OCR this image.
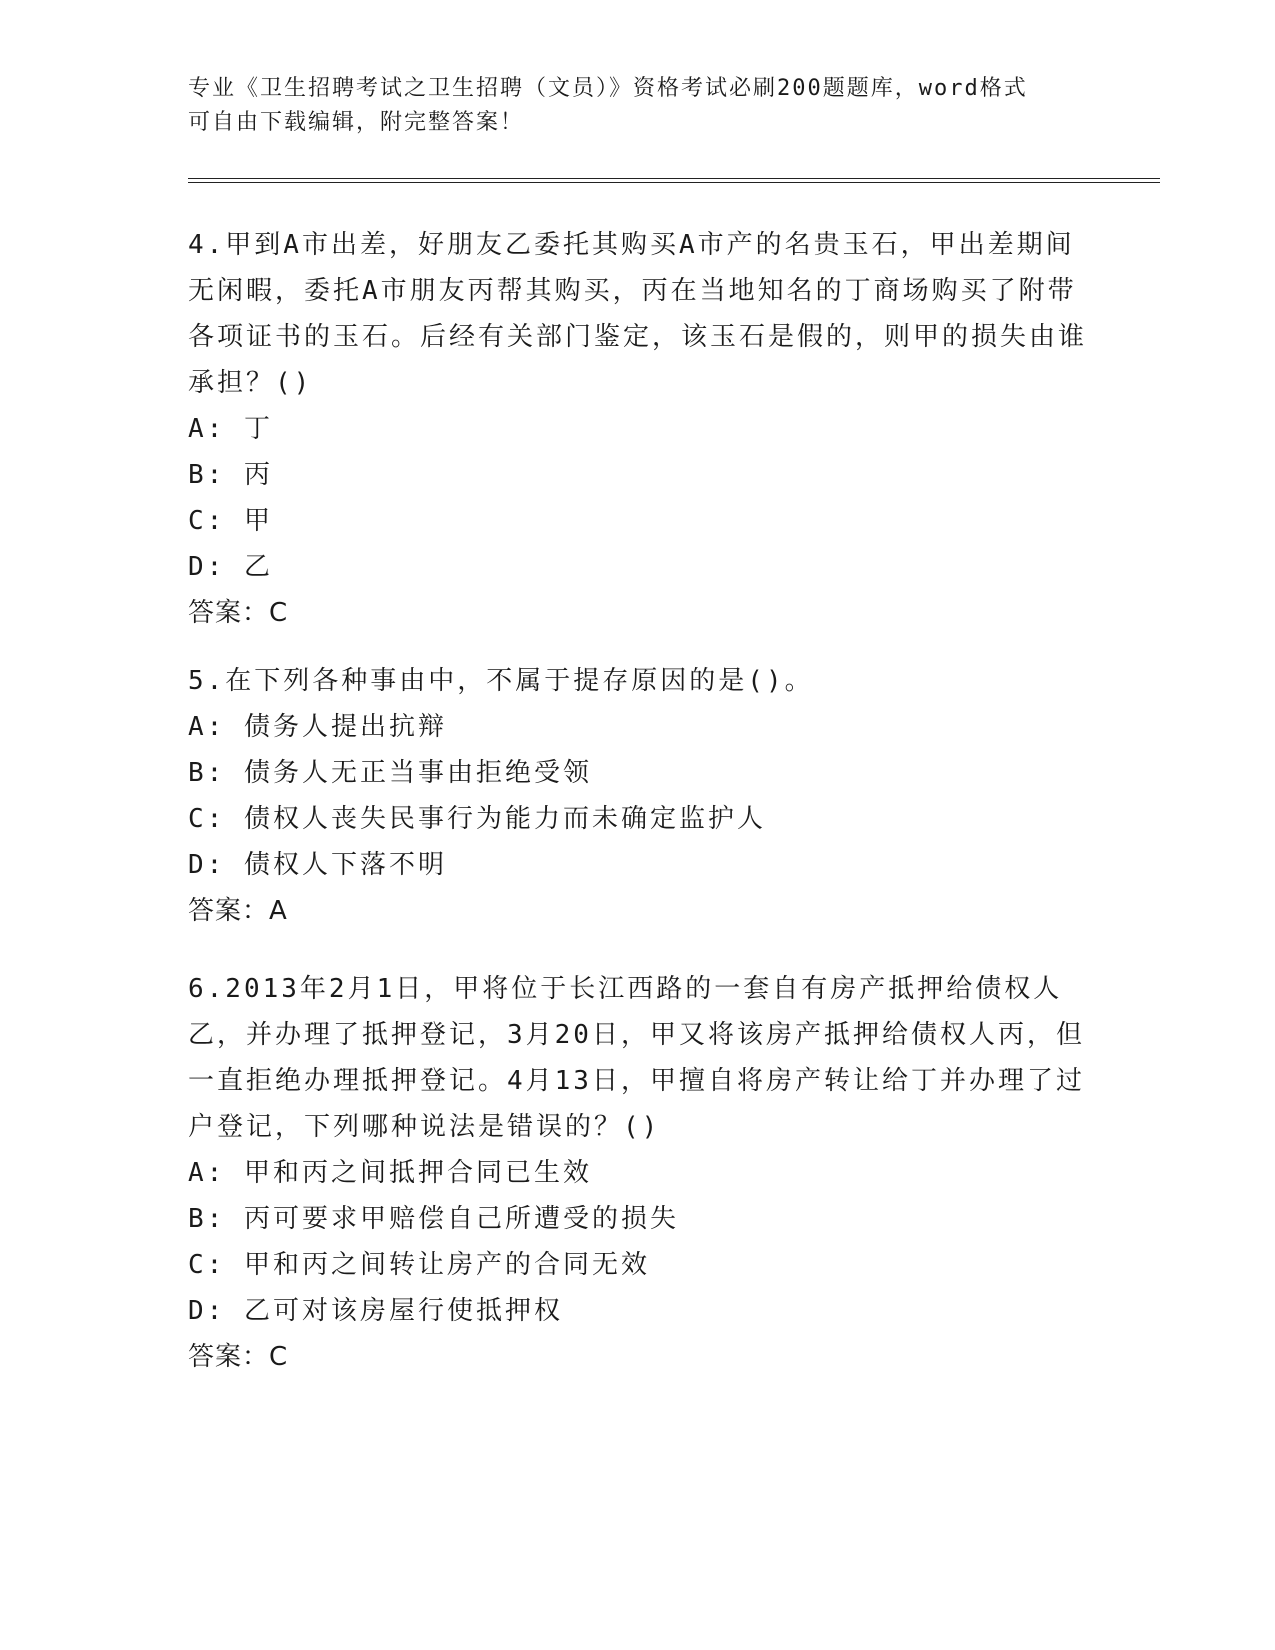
专业《卫生招聘考试之卫生招聘（文员）》资格考试必刷200题题库，word格式
可自由下载编辑，附完整答案！
4.甲到A市出差，好朋友乙委托其购买A市产的名贵玉石，甲出差期间无闲暇，委托A市朋友丙帮其购买，丙在当地知名的丁商场购买了附带各项证书的玉石。后经有关部门鉴定，该玉石是假的，则甲的损失由谁承担？()
A: 丁
B: 丙
C: 甲
D: 乙
答案：C
5.在下列各种事由中，不属于提存原因的是()。
A: 债务人提出抗辩
B: 债务人无正当事由拒绝受领
C: 债权人丧失民事行为能力而未确定监护人
D: 债权人下落不明
答案：A
6.2013年2月1日，甲将位于长江西路的一套自有房产抵押给债权人乙，并办理了抵押登记，3月20日，甲又将该房产抵押给债权人丙，但一直拒绝办理抵押登记。4月13日，甲擅自将房产转让给丁并办理了过户登记，下列哪种说法是错误的？()
A: 甲和丙之间抵押合同已生效
B: 丙可要求甲赔偿自己所遭受的损失
C: 甲和丙之间转让房产的合同无效
D: 乙可对该房屋行使抵押权
答案：C
